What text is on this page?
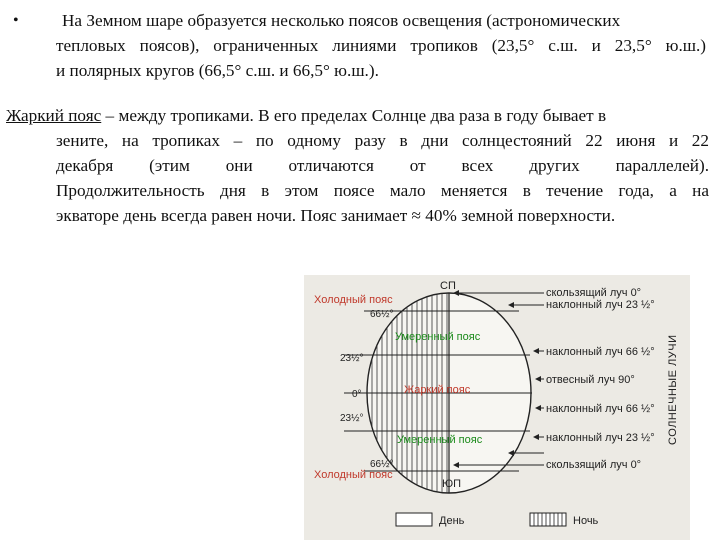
•	На Земном шаре образуется несколько поясов освещения (астрономических
тепловых поясов), ограниченных линиями тропиков (23,5° с.ш. и 23,5° ю.ш.)
и полярных кругов (66,5° с.ш. и 66,5° ю.ш.).
Жаркий пояс – между тропиками. В его пределах Солнце два раза в году бывает в
зените, на тропиках – по одному разу в дни солнцестояний 22 июня и 22
декабря (этим они отличаются от всех других параллелей).
Продолжительность дня в этом поясе мало меняется в течение года, а на
экваторе день всегда равен ночи. Пояс занимает ≈ 40% земной поверхности.
66½°
23½°
0°
23½°
66½°
СП
ЮП
Холодный пояс
Умеренный пояс
Жаркий пояс
Умеренный пояс
Холодный пояс
скользящий луч 0°
наклонный луч 23 ½°
наклонный луч 66 ½°
отвесный луч 90°
наклонный луч 66 ½°
наклонный луч 23 ½°
скользящий луч 0°
СОЛНЕЧНЫЕ ЛУЧИ
День	Ночь
